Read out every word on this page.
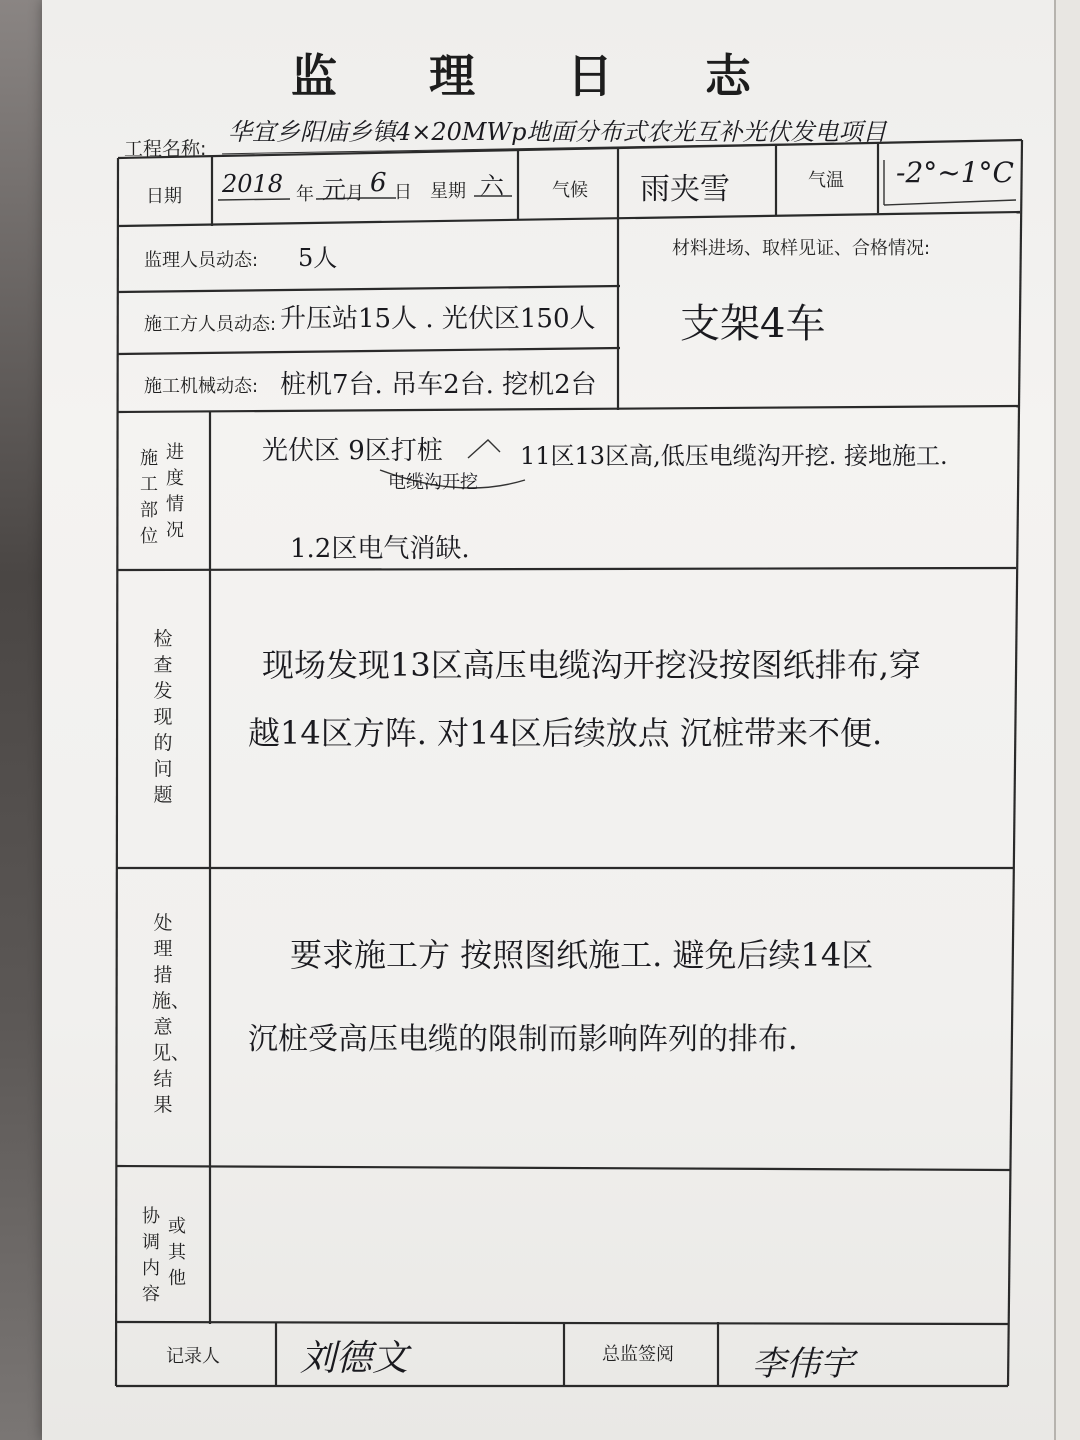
监 理 日 志
工程名称:
华宜乡阳庙乡镇4×20MWp地面分布式农光互补光伏发电项目
日期 2018 年 元 月 6 日 星期 六	气候 雨夹雪	气温 -2°~1°C
监理人员动态: 5人
施工方人员动态: 升压站15人 . 光伏区150人
施工机械动态: 桩机7台. 吊车2台. 挖机2台
材料进场、取样见证、合格情况:
支架4车
施工部位
进度情况
光伏区 9区打桩
电缆沟开挖
11区13区高,低压电缆沟开挖. 接地施工.
1.2区电气消缺.
检查发现的问题
现场发现13区高压电缆沟开挖没按图纸排布,穿
越14区方阵. 对14区后续放点 沉桩带来不便.
处理措施、意见、结果
要求施工方 按照图纸施工. 避免后续14区
沉桩受高压电缆的限制而影响阵列的排布.
协调内容
或其他
记录人 刘德文	总监签阅 李伟宇
